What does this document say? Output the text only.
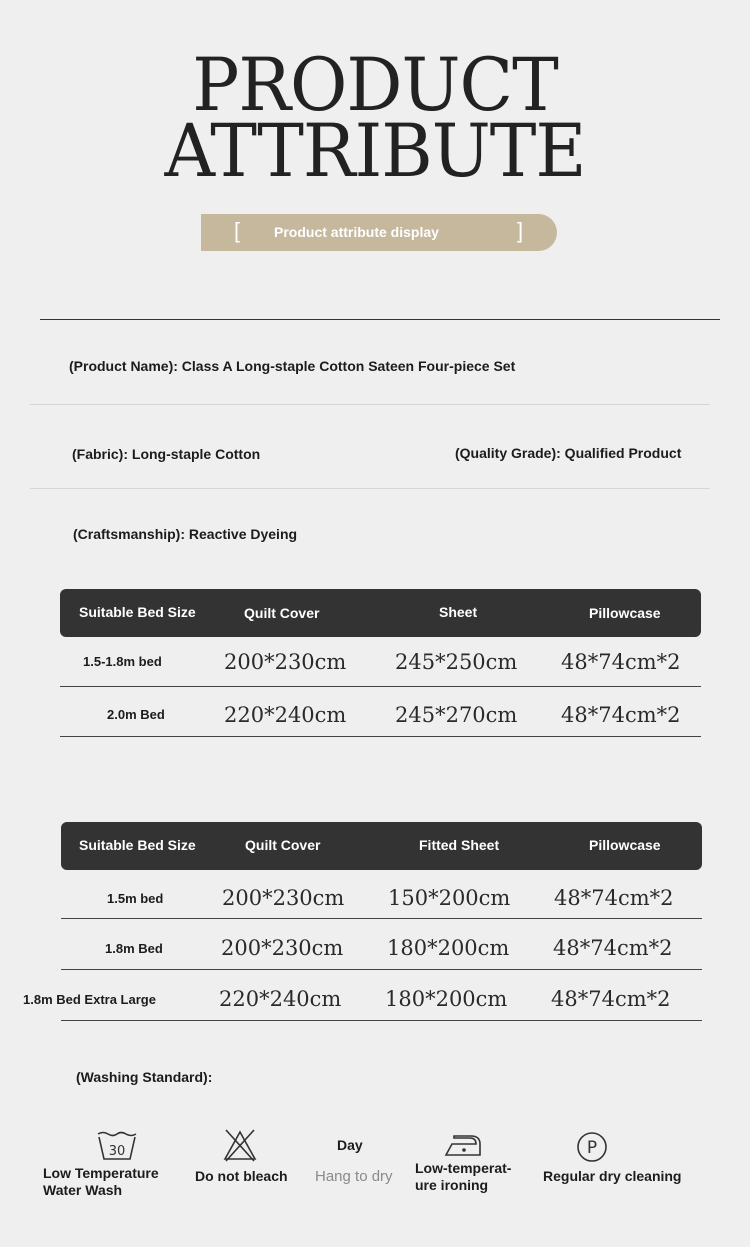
PRODUCT
ATTRIBUTE
[ Product attribute display	]
(Product Name): Class A Long-staple Cotton Sateen Four-piece Set
(Fabric): Long-staple Cotton	(Quality Grade): Qualified Product
(Craftsmanship): Reactive Dyeing
Suitable Bed Size	Quilt Cover	Sheet	Pillowcase
1.5-1.8m bed	200*230cm 245*250cm 48*74cm*2
2.0m Bed	220*240cm 245*270cm 48*74cm*2
Suitable Bed Size	Quilt Cover	Fitted Sheet	Pillowcase
1.5m bed	200*230cm 150*200cm 48*74cm*2
1.8m Bed	200*230cm 180*200cm 48*74cm*2
1.8m Bed Extra Large	220*240cm 180*200cm 48*74cm*2
(Washing Standard):
30
Low Temperature
Water Wash
Do not bleach
Day
Hang to dry Low-temperat-
ure ironing
P
Regular dry cleaning
